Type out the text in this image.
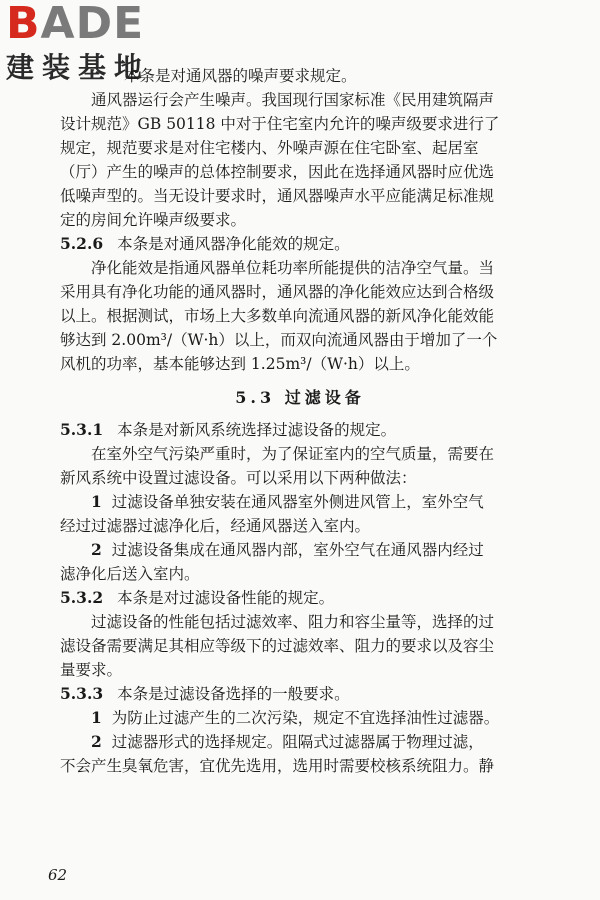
BADE
建装基地
本条是对通风器的噪声要求规定。
通风器运行会产生噪声。我国现行国家标准《民用建筑隔声
设计规范》GB 50118 中对于住宅室内允许的噪声级要求进行了
规定，规范要求是对住宅楼内、外噪声源在住宅卧室、起居室
（厅）产生的噪声的总体控制要求，因此在选择通风器时应优选
低噪声型的。当无设计要求时，通风器噪声水平应能满足标准规
定的房间允许噪声级要求。
5.2.6 本条是对通风器净化能效的规定。
净化能效是指通风器单位耗功率所能提供的洁净空气量。当
采用具有净化功能的通风器时，通风器的净化能效应达到合格级
以上。根据测试，市场上大多数单向流通风器的新风净化能效能
够达到 2.00m³/（W·h）以上，而双向流通风器由于增加了一个
风机的功率，基本能够达到 1.25m³/（W·h）以上。
5.3 过滤设备
5.3.1 本条是对新风系统选择过滤设备的规定。
在室外空气污染严重时，为了保证室内的空气质量，需要在
新风系统中设置过滤设备。可以采用以下两种做法：
1 过滤设备单独安装在通风器室外侧进风管上，室外空气
经过过滤器过滤净化后，经通风器送入室内。
2 过滤设备集成在通风器内部，室外空气在通风器内经过
滤净化后送入室内。
5.3.2 本条是对过滤设备性能的规定。
过滤设备的性能包括过滤效率、阻力和容尘量等，选择的过
滤设备需要满足其相应等级下的过滤效率、阻力的要求以及容尘
量要求。
5.3.3 本条是过滤设备选择的一般要求。
1 为防止过滤产生的二次污染，规定不宜选择油性过滤器。
2 过滤器形式的选择规定。阻隔式过滤器属于物理过滤，
不会产生臭氧危害，宜优先选用，选用时需要校核系统阻力。静
62
